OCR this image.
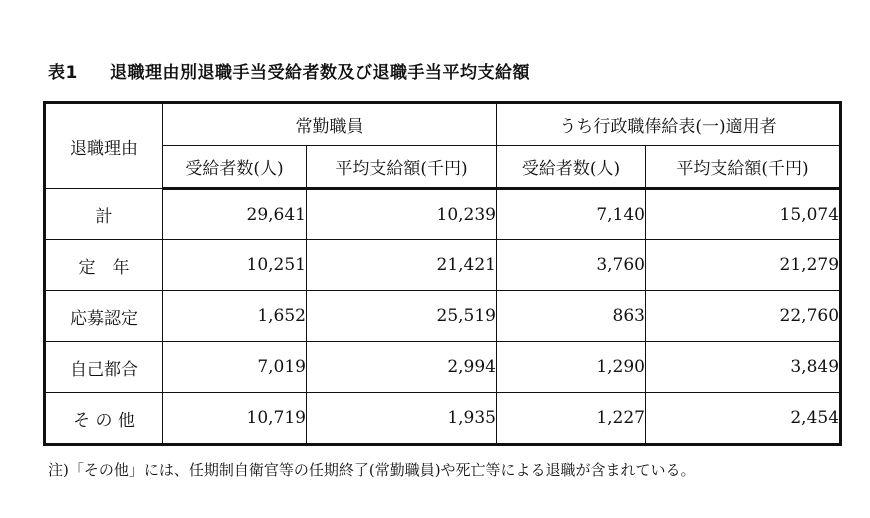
表1 退職理由別退職手当受給者数及び退職手当平均支給額
退職理由	常勤職員		うち行政職俸給表(一)適用者	
	受給者数(人)	平均支給額(千円)	受給者数(人)	平均支給額(千円)
計	29,641	10,239	7,140	15,074
定　年	10,251	21,421	3,760	21,279
応募認定	1,652	25,519	863	22,760
自己都合	7,019	2,994	1,290	3,849
そ の 他	10,719	1,935	1,227	2,454

注)「その他」には、任期制自衛官等の任期終了(常勤職員)や死亡等による退職が含まれている。
